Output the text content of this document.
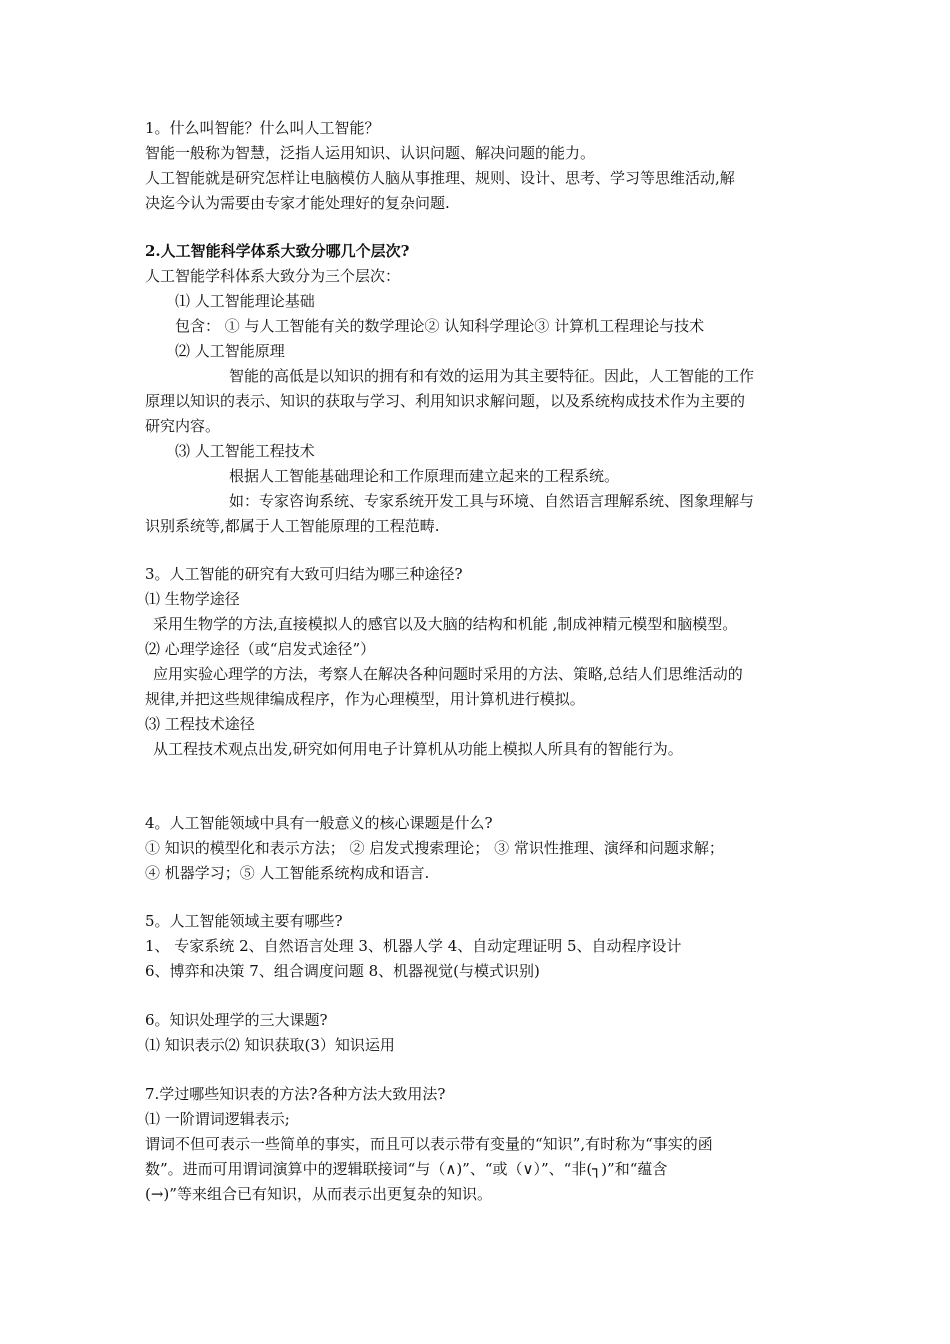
1。什么叫智能？什么叫人工智能？
智能一般称为智慧，泛指人运用知识、认识问题、解决问题的能力。
人工智能就是研究怎样让电脑模仿人脑从事推理、规则、设计、思考、学习等思维活动,解
决迄今认为需要由专家才能处理好的复杂问题.
2.人工智能科学体系大致分哪几个层次?
人工智能学科体系大致分为三个层次：
⑴ 人工智能理论基础
包含： ① 与人工智能有关的数学理论② 认知科学理论③ 计算机工程理论与技术
⑵ 人工智能原理
智能的高低是以知识的拥有和有效的运用为其主要特征。因此，人工智能的工作
原理以知识的表示、知识的获取与学习、利用知识求解问题，以及系统构成技术作为主要的
研究内容。
⑶ 人工智能工程技术
根据人工智能基础理论和工作原理而建立起来的工程系统。
如：专家咨询系统、专家系统开发工具与环境、自然语言理解系统、图象理解与
识别系统等,都属于人工智能原理的工程范畴.
3。人工智能的研究有大致可归结为哪三种途径?
⑴ 生物学途径
采用生物学的方法,直接模拟人的感官以及大脑的结构和机能 ,制成神精元模型和脑模型。
⑵ 心理学途径（或“启发式途径”）
应用实验心理学的方法，考察人在解决各种问题时采用的方法、策略,总结人们思维活动的
规律,并把这些规律编成程序，作为心理模型，用计算机进行模拟。
⑶ 工程技术途径
从工程技术观点出发,研究如何用电子计算机从功能上模拟人所具有的智能行为。
4。人工智能领域中具有一般意义的核心课题是什么?
① 知识的模型化和表示方法； ② 启发式搜索理论； ③ 常识性推理、演绎和问题求解；
④ 机器学习；⑤ 人工智能系统构成和语言.
5。人工智能领域主要有哪些?
1、 专家系统 2、自然语言处理 3、机器人学 4、自动定理证明 5、自动程序设计
6、博弈和决策 7、组合调度问题 8、机器视觉(与模式识别)
6。知识处理学的三大课题?
⑴ 知识表示⑵ 知识获取(3）知识运用
7.学过哪些知识表的方法?各种方法大致用法?
⑴ 一阶谓词逻辑表示;
谓词不但可表示一些简单的事实，而且可以表示带有变量的“知识”,有时称为“事实的函
数”。进而可用谓词演算中的逻辑联接词“与（∧)”、“或（∨）”、“非(┐)”和“蕴含
(→)”等来组合已有知识，从而表示出更复杂的知识。
